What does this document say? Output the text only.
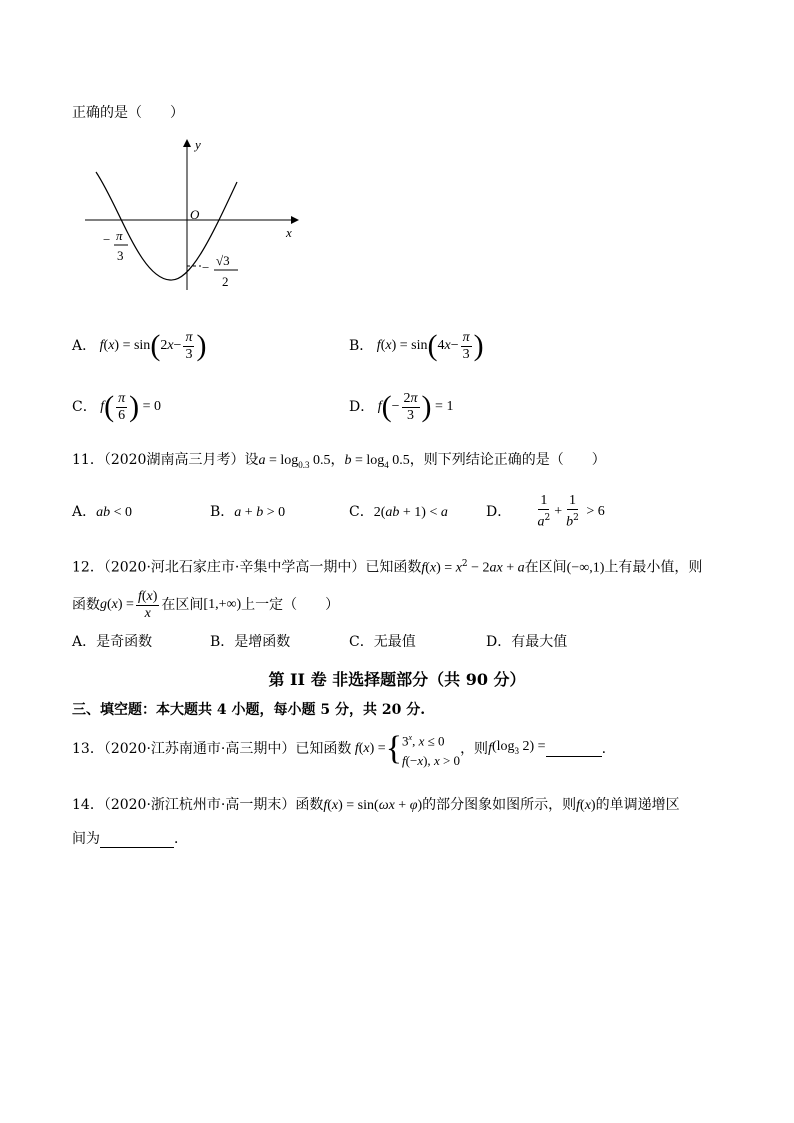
正确的是（　　）
y
x
O
− π
3
− √3
2
A． f ( x ) = sin ( 2 $x - \frac{\pi}{3}$ )	B． f ( x ) = sin ( 4 $x - \frac{\pi}{3}$ )
C． f ( $\frac{\pi}{6}$ ) = 0	D． f ( − $\frac{2\pi}{3}$ ) = 1
11．（2020湖南高三月考）设$a = \log_{0.3} 0.5$，$b = \log_4 0.5$，则下列结论正确的是（　　）
A．ab < 0	B．a + b > 0	C．2(ab + 1) < a	D．
$\frac{1}{a^2} + \frac{1}{b^2} > 6$
12．（2020·河北石家庄市·辛集中学高一期中）已知函数$f(x) = x^2 - 2ax + a$在区间(−∞,1)上有最小值，则
函数 g ( x ) = $\frac{f(x)}{x}$ 在区间 [1,+∞) 上一定（　　）
A．是奇函数	B．是增函数	C．无最值	D．有最大值
第 II 卷 非选择题部分（共 90 分）
三、填空题：本大题共 4 小题，每小题 5 分，共 20 分.
13．（2020·江苏南通市·高三期中）已知函数 f ( x ) = { 3$^x$, x ≤ 0
f(−x), x > 0
，则 f ($\log_3$ 2) =	.
14．（2020·浙江杭州市·高一期末）函数f(x) = sin(ωx + φ)的部分图象如图所示，则f(x)的单调递增区
间为	．
